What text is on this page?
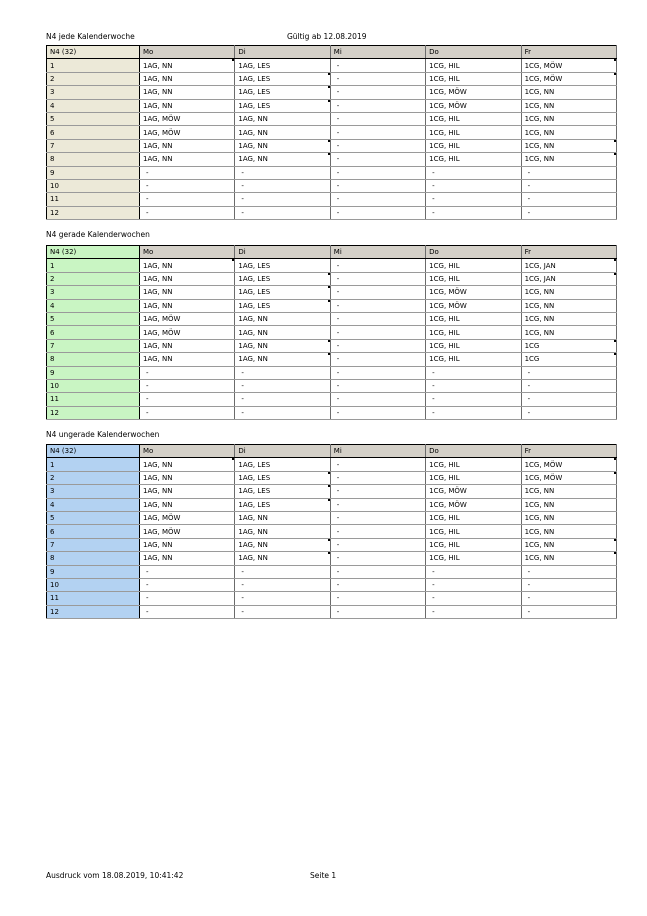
N4 jede Kalenderwoche	Gültig ab 12.08.2019
N4 (32)	Mo	Di	Mi	Do	Fr
1	1AG, NN	1AG, LES	-	1CG, HIL	1CG, MÖW
2	1AG, NN	1AG, LES	-	1CG, HIL	1CG, MÖW
3	1AG, NN	1AG, LES	-	1CG, MÖW	1CG, NN
4	1AG, NN	1AG, LES	-	1CG, MÖW	1CG, NN
5	1AG, MÖW	1AG, NN	-	1CG, HIL	1CG, NN
6	1AG, MÖW	1AG, NN	-	1CG, HIL	1CG, NN
7	1AG, NN	1AG, NN	-	1CG, HIL	1CG, NN
8	1AG, NN	1AG, NN	-	1CG, HIL	1CG, NN
9	-	-	-	-	-
10	-	-	-	-	-
11	-	-	-	-	-
12	-	-	-	-	-
N4 gerade Kalenderwochen
N4 (32)	Mo	Di	Mi	Do	Fr
1	1AG, NN	1AG, LES	-	1CG, HIL	1CG, JAN
2	1AG, NN	1AG, LES	-	1CG, HIL	1CG, JAN
3	1AG, NN	1AG, LES	-	1CG, MÖW	1CG, NN
4	1AG, NN	1AG, LES	-	1CG, MÖW	1CG, NN
5	1AG, MÖW	1AG, NN	-	1CG, HIL	1CG, NN
6	1AG, MÖW	1AG, NN	-	1CG, HIL	1CG, NN
7	1AG, NN	1AG, NN	-	1CG, HIL	1CG
8	1AG, NN	1AG, NN	-	1CG, HIL	1CG
9	-	-	-	-	-
10	-	-	-	-	-
11	-	-	-	-	-
12	-	-	-	-	-
N4 ungerade Kalenderwochen
N4 (32)	Mo	Di	Mi	Do	Fr
1	1AG, NN	1AG, LES	-	1CG, HIL	1CG, MÖW
2	1AG, NN	1AG, LES	-	1CG, HIL	1CG, MÖW
3	1AG, NN	1AG, LES	-	1CG, MÖW	1CG, NN
4	1AG, NN	1AG, LES	-	1CG, MÖW	1CG, NN
5	1AG, MÖW	1AG, NN	-	1CG, HIL	1CG, NN
6	1AG, MÖW	1AG, NN	-	1CG, HIL	1CG, NN
7	1AG, NN	1AG, NN	-	1CG, HIL	1CG, NN
8	1AG, NN	1AG, NN	-	1CG, HIL	1CG, NN
9	-	-	-	-	-
10	-	-	-	-	-
11	-	-	-	-	-
12	-	-	-	-	-
Ausdruck vom 18.08.2019, 10:41:42	Seite 1
